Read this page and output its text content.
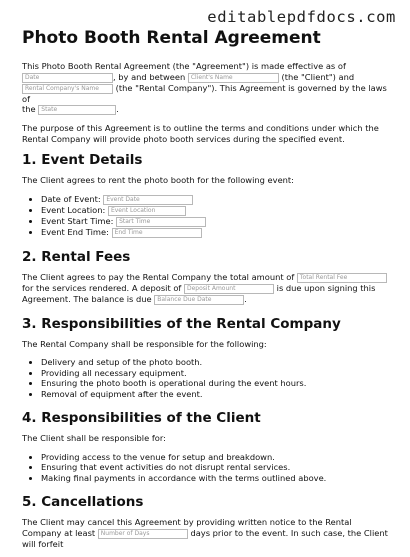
editablepdfdocs.com
Photo Booth Rental Agreement

This Photo Booth Rental Agreement (the "Agreement") is made effective as of
Date	, by and between Client's Name	(the "Client") and
Rental Company's Name (the "Rental Company"). This Agreement is governed by the laws of
the State	.

The purpose of this Agreement is to outline the terms and conditions under which the Rental Company will provide photo booth services during the specified event.

1. Event Details

The Client agrees to rent the photo booth for the following event:

• Date of Event: Event Date
• Event Location: Event Location
• Event Start Time: Start Time
• Event End Time: End Time
2. Rental Fees

The Client agrees to pay the Rental Company the total amount of Total Rental Fee
for the services rendered. A deposit of Deposit Amount	is due upon signing this Agreement. The balance is due Balance Due Date	.

3. Responsibilities of the Rental Company

The Rental Company shall be responsible for the following:

• Delivery and setup of the photo booth.
• Providing all necessary equipment.
• Ensuring the photo booth is operational during the event hours.
• Removal of equipment after the event.
4. Responsibilities of the Client

The Client shall be responsible for:

• Providing access to the venue for setup and breakdown.
• Ensuring that event activities do not disrupt rental services.
• Making final payments in accordance with the terms outlined above.
5. Cancellations

The Client may cancel this Agreement by providing written notice to the Rental Company at least Number of Days	days prior to the event. In such case, the Client will forfeit
